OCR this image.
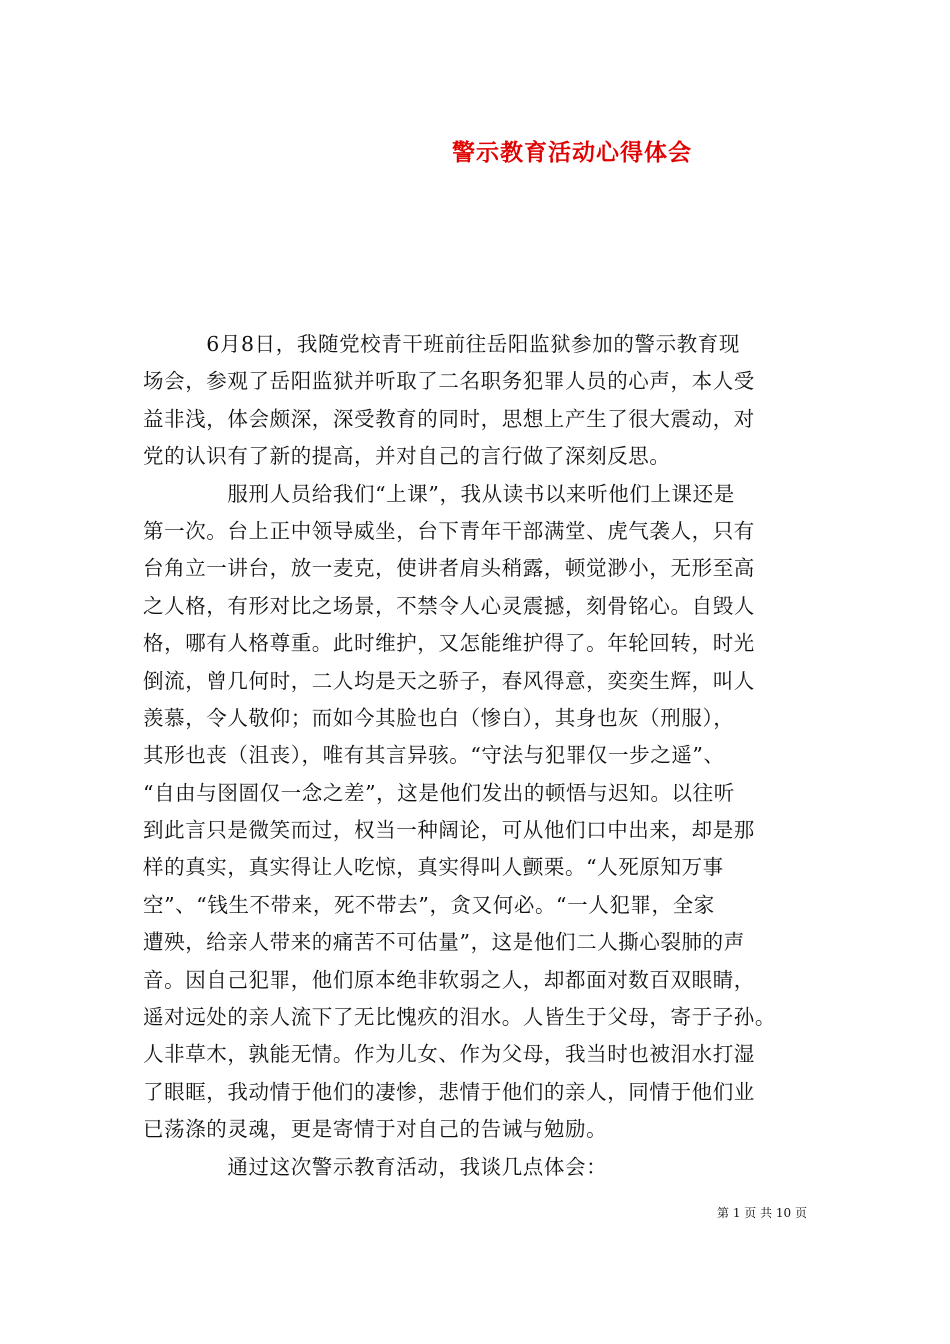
警示教育活动心得体会
　　　6月8日，我随党校青干班前往岳阳监狱参加的警示教育现
场会，参观了岳阳监狱并听取了二名职务犯罪人员的心声，本人受
益非浅，体会颇深，深受教育的同时，思想上产生了很大震动，对
党的认识有了新的提高，并对自己的言行做了深刻反思。
　　　　服刑人员给我们“上课”，我从读书以来听他们上课还是
第一次。台上正中领导威坐，台下青年干部满堂、虎气袭人，只有
台角立一讲台，放一麦克，使讲者肩头稍露，顿觉渺小，无形至高
之人格，有形对比之场景，不禁令人心灵震撼，刻骨铭心。自毁人
格，哪有人格尊重。此时维护，又怎能维护得了。年轮回转，时光
倒流，曾几何时，二人均是天之骄子，春风得意，奕奕生辉，叫人
羡慕，令人敬仰；而如今其脸也白（惨白），其身也灰（刑服），
其形也丧（沮丧），唯有其言异骇。“守法与犯罪仅一步之遥”、
“自由与囹圄仅一念之差”，这是他们发出的顿悟与迟知。以往听
到此言只是微笑而过，权当一种阔论，可从他们口中出来，却是那
样的真实，真实得让人吃惊，真实得叫人颤栗。“人死原知万事
空”、“钱生不带来，死不带去”，贪又何必。“一人犯罪，全家
遭殃，给亲人带来的痛苦不可估量”，这是他们二人撕心裂肺的声
音。因自己犯罪，他们原本绝非软弱之人，却都面对数百双眼睛，
遥对远处的亲人流下了无比愧疚的泪水。人皆生于父母，寄于子孙。
人非草木，孰能无情。作为儿女、作为父母，我当时也被泪水打湿
了眼眶，我动情于他们的凄惨，悲情于他们的亲人，同情于他们业
已荡涤的灵魂，更是寄情于对自己的告诫与勉励。
　　　　通过这次警示教育活动，我谈几点体会：
第 1 页 共 10 页
